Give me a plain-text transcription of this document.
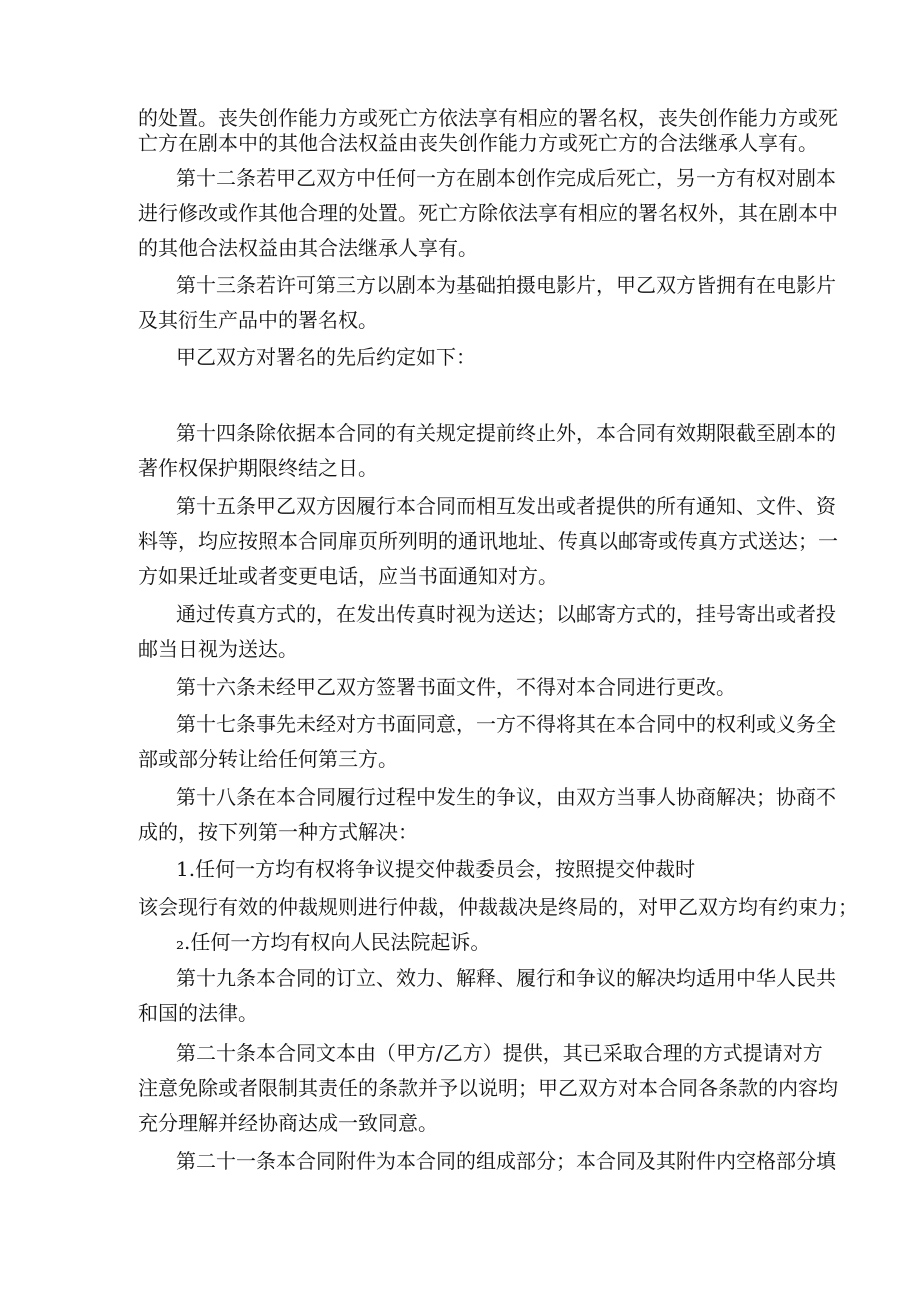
的处置。丧失创作能力方或死亡方依法享有相应的署名权，丧失创作能力方或死
亡方在剧本中的其他合法权益由丧失创作能力方或死亡方的合法继承人享有。
第十二条若甲乙双方中任何一方在剧本创作完成后死亡，另一方有权对剧本
进行修改或作其他合理的处置。死亡方除依法享有相应的署名权外，其在剧本中
的其他合法权益由其合法继承人享有。
第十三条若许可第三方以剧本为基础拍摄电影片，甲乙双方皆拥有在电影片
及其衍生产品中的署名权。
甲乙双方对署名的先后约定如下：
第十四条除依据本合同的有关规定提前终止外，本合同有效期限截至剧本的
著作权保护期限终结之日。
第十五条甲乙双方因履行本合同而相互发出或者提供的所有通知、文件、资
料等，均应按照本合同扉页所列明的通讯地址、传真以邮寄或传真方式送达；一
方如果迁址或者变更电话，应当书面通知对方。
通过传真方式的，在发出传真时视为送达；以邮寄方式的，挂号寄出或者投
邮当日视为送达。
第十六条未经甲乙双方签署书面文件，不得对本合同进行更改。
第十七条事先未经对方书面同意，一方不得将其在本合同中的权利或义务全
部或部分转让给任何第三方。
第十八条在本合同履行过程中发生的争议，由双方当事人协商解决；协商不
成的，按下列第一种方式解决：
1.任何一方均有权将争议提交仲裁委员会，按照提交仲裁时
该会现行有效的仲裁规则进行仲裁，仲裁裁决是终局的，对甲乙双方均有约束力；
₂.任何一方均有权向人民法院起诉。
第十九条本合同的订立、效力、解释、履行和争议的解决均适用中华人民共
和国的法律。
第二十条本合同文本由（甲方/乙方）提供，其已采取合理的方式提请对方
注意免除或者限制其责任的条款并予以说明；甲乙双方对本合同各条款的内容均
充分理解并经协商达成一致同意。
第二十一条本合同附件为本合同的组成部分；本合同及其附件内空格部分填
